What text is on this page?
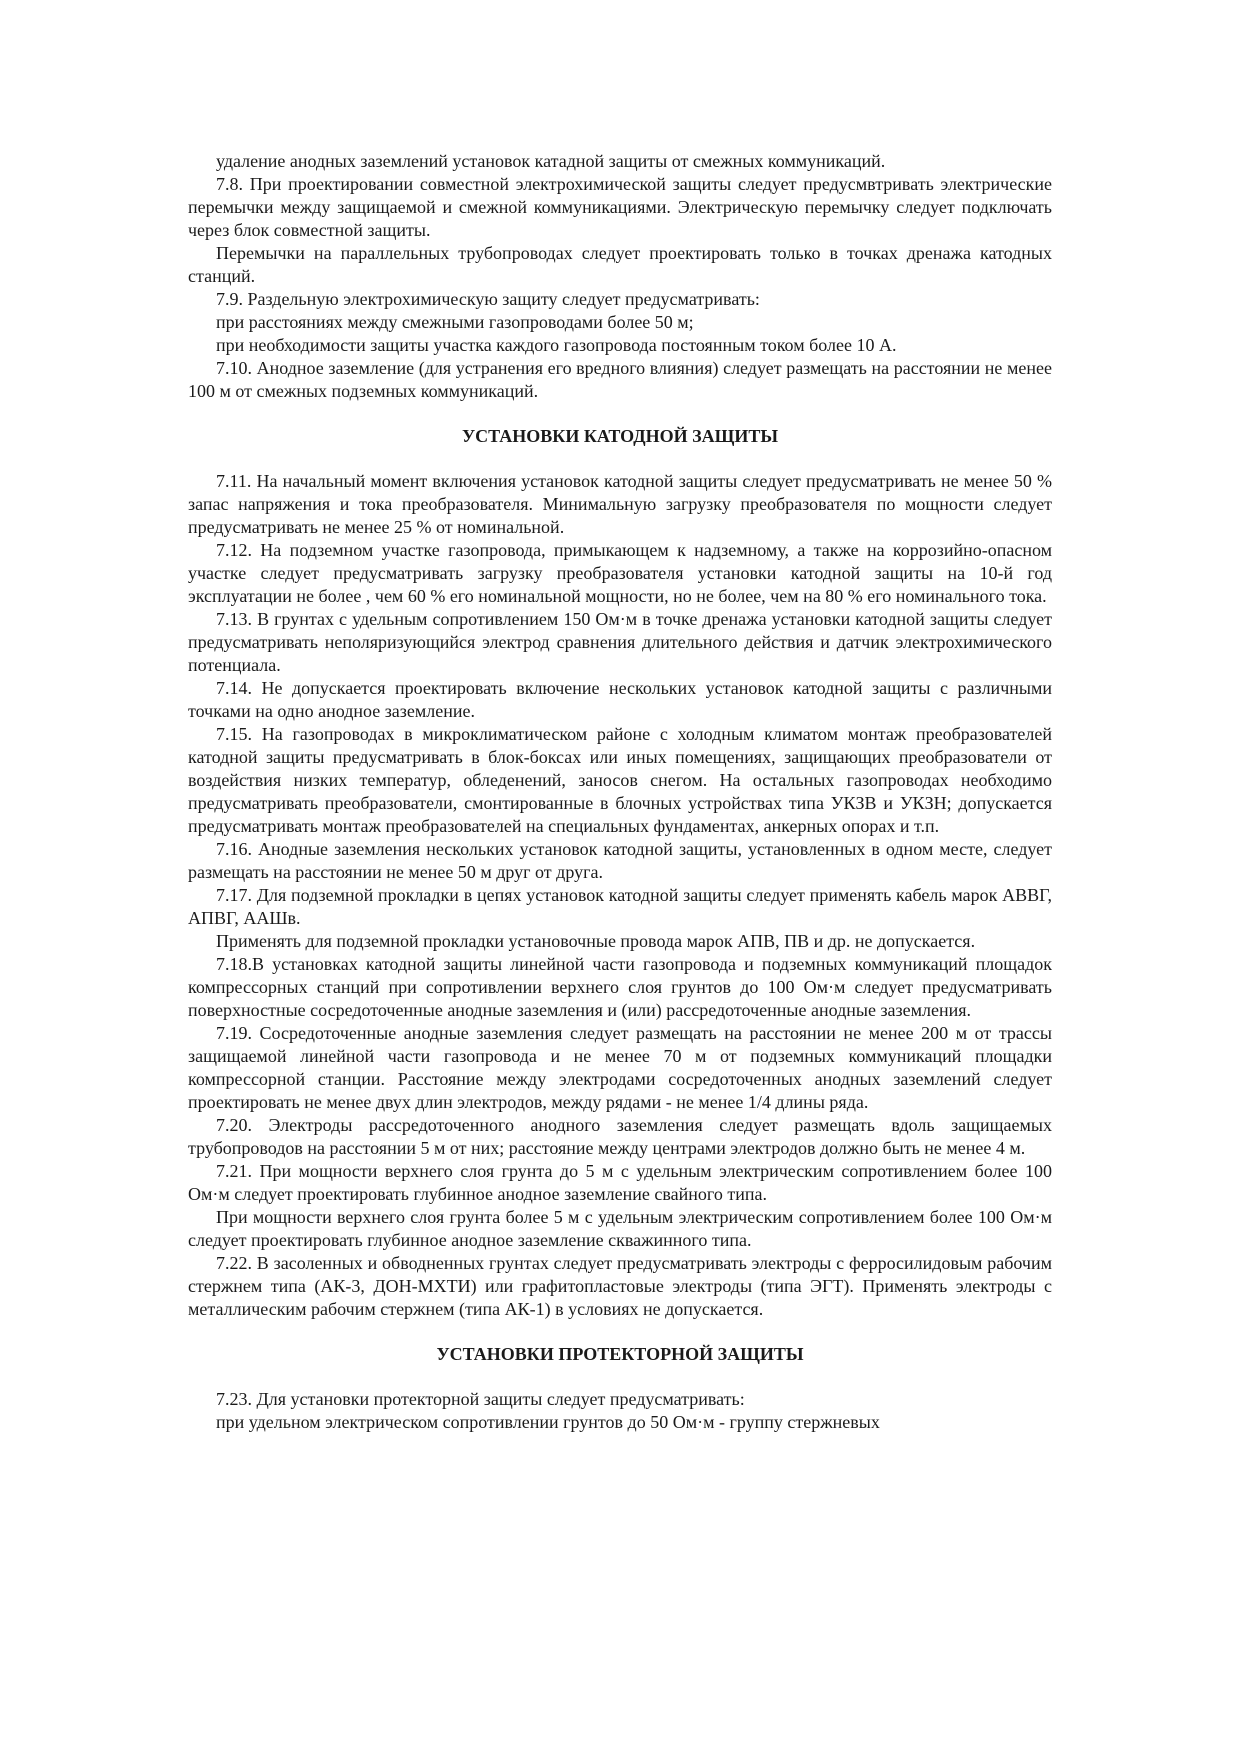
удаление анодных заземлений установок катадной защиты от смежных коммуникаций.

7.8. При проектировании совместной электрохимической защиты следует предусмвтривать электрические перемычки между защищаемой и смежной коммуникациями. Электрическую перемычку следует подключать через блок совместной защиты.

Перемычки на параллельных трубопроводах следует проектировать только в точках дренажа катодных станций.

7.9. Раздельную электрохимическую защиту следует предусматривать:

при расстояниях между смежными газопроводами более 50 м;

при необходимости защиты участка каждого газопровода постоянным током более 10 А.

7.10. Анодное заземление (для устранения его вредного влияния) следует размещать на расстоянии не менее 100 м от смежных подземных коммуникаций.

УСТАНОВКИ КАТОДНОЙ ЗАЩИТЫ

7.11. На начальный момент включения установок катодной защиты следует предусматривать не менее 50 % запас напряжения и тока преобразователя. Минимальную загрузку преобразователя по мощности следует предусматривать не менее 25 % от номинальной.

7.12. На подземном участке газопровода, примыкающем к надземному, а также на коррозийно-опасном участке следует предусматривать загрузку преобразователя установки катодной защиты на 10-й год эксплуатации не более , чем 60 % его номинальной мощности, но не более, чем на 80 % его номинального тока.

7.13. В грунтах с удельным сопротивлением 150 Ом·м в точке дренажа установки катодной защиты следует предусматривать неполяризующийся электрод сравнения длительного действия и датчик электрохимического потенциала.

7.14. Не допускается проектировать включение нескольких установок катодной защиты с различными точками на одно анодное заземление.

7.15. На газопроводах в микроклиматическом районе с холодным климатом монтаж преобразователей катодной защиты предусматривать в блок-боксах или иных помещениях, защищающих преобразователи от воздействия низких температур, обледенений, заносов снегом. На остальных газопроводах необходимо предусматривать преобразователи, смонтированные в блочных устройствах типа УКЗВ и УКЗН; допускается предусматривать монтаж преобразователей на специальных фундаментах, анкерных опорах и т.п.

7.16. Анодные заземления нескольких установок катодной защиты, установленных в одном месте, следует размещать на расстоянии не менее 50 м друг от друга.

7.17. Для подземной прокладки в цепях установок катодной защиты следует применять кабель марок АВВГ, АПВГ, ААШв.

Применять для подземной прокладки установочные провода марок АПВ, ПВ и др. не допускается.

7.18.В установках катодной защиты линейной части газопровода и подземных коммуникаций площадок компрессорных станций при сопротивлении верхнего слоя грунтов до 100 Ом·м следует предусматривать поверхностные сосредоточенные анодные заземления и (или) рассредоточенные анодные заземления.

7.19. Сосредоточенные анодные заземления следует размещать на расстоянии не менее 200 м от трассы защищаемой линейной части газопровода и не менее 70 м от подземных коммуникаций площадки компрессорной станции. Расстояние между электродами сосредоточенных анодных заземлений следует проектировать не менее двух длин электродов, между рядами - не менее 1/4 длины ряда.

7.20. Электроды рассредоточенного анодного заземления следует размещать вдоль защищаемых трубопроводов на расстоянии 5 м от них; расстояние между центрами электродов должно быть не менее 4 м.

7.21. При мощности верхнего слоя грунта до 5 м с удельным электрическим сопротивлением более 100 Ом·м следует проектировать глубинное анодное заземление свайного типа.

При мощности верхнего слоя грунта более 5 м с удельным электрическим сопротивлением более 100 Ом·м следует проектировать глубинное анодное заземление скважинного типа.

7.22. В засоленных и обводненных грунтах следует предусматривать электроды с ферросилидовым рабочим стержнем типа (АК-3, ДОН-МХТИ) или графитопластовые электроды (типа ЭГТ). Применять электроды с металлическим рабочим стержнем (типа АК-1) в условиях не допускается.

УСТАНОВКИ ПРОТЕКТОРНОЙ ЗАЩИТЫ

7.23. Для установки протекторной защиты следует предусматривать:

при удельном электрическом сопротивлении грунтов до 50 Ом·м - группу стержневых
